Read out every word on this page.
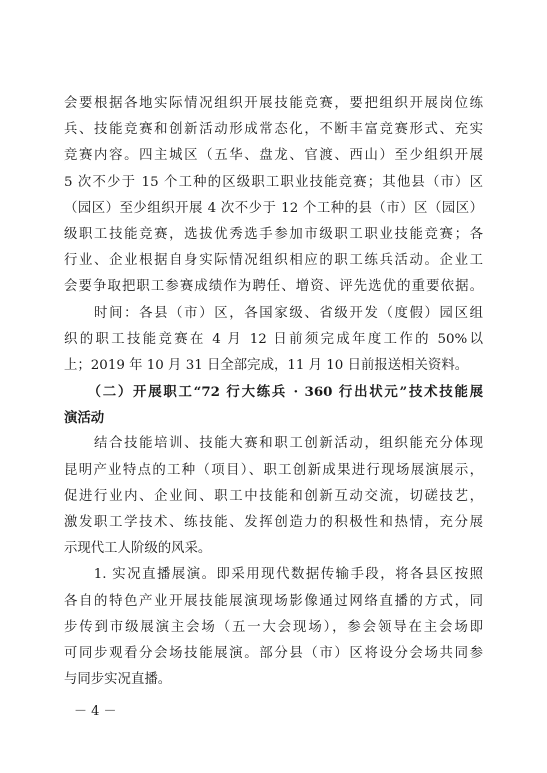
会要根据各地实际情况组织开展技能竞赛，要把组织开展岗位练
兵、技能竞赛和创新活动形成常态化，不断丰富竞赛形式、充实
竞赛内容。四主城区（五华、盘龙、官渡、西山）至少组织开展
5 次不少于 15 个工种的区级职工职业技能竞赛；其他县（市）区
（园区）至少组织开展 4 次不少于 12 个工种的县（市）区（园区）
级职工技能竞赛，选拔优秀选手参加市级职工职业技能竞赛；各
行业、企业根据自身实际情况组织相应的职工练兵活动。企业工
会要争取把职工参赛成绩作为聘任、增资、评先选优的重要依据。
　　时间：各县（市）区，各国家级、省级开发（度假）园区组
织的职工技能竞赛在 4 月 12 日前须完成年度工作的 50%以
上；2019 年 10 月 31 日全部完成，11 月 10 日前报送相关资料。
　　（二）开展职工“72 行大练兵 · 360 行出状元”技术技能展
演活动
　　结合技能培训、技能大赛和职工创新活动，组织能充分体现
昆明产业特点的工种（项目）、职工创新成果进行现场展演展示，
促进行业内、企业间、职工中技能和创新互动交流，切磋技艺，
激发职工学技术、练技能、发挥创造力的积极性和热情，充分展
示现代工人阶级的风采。
　　1. 实况直播展演。即采用现代数据传输手段，将各县区按照
各自的特色产业开展技能展演现场影像通过网络直播的方式，同
步传到市级展演主会场（五一大会现场），参会领导在主会场即
可同步观看分会场技能展演。部分县（市）区将设分会场共同参
与同步实况直播。
－ 4 －
